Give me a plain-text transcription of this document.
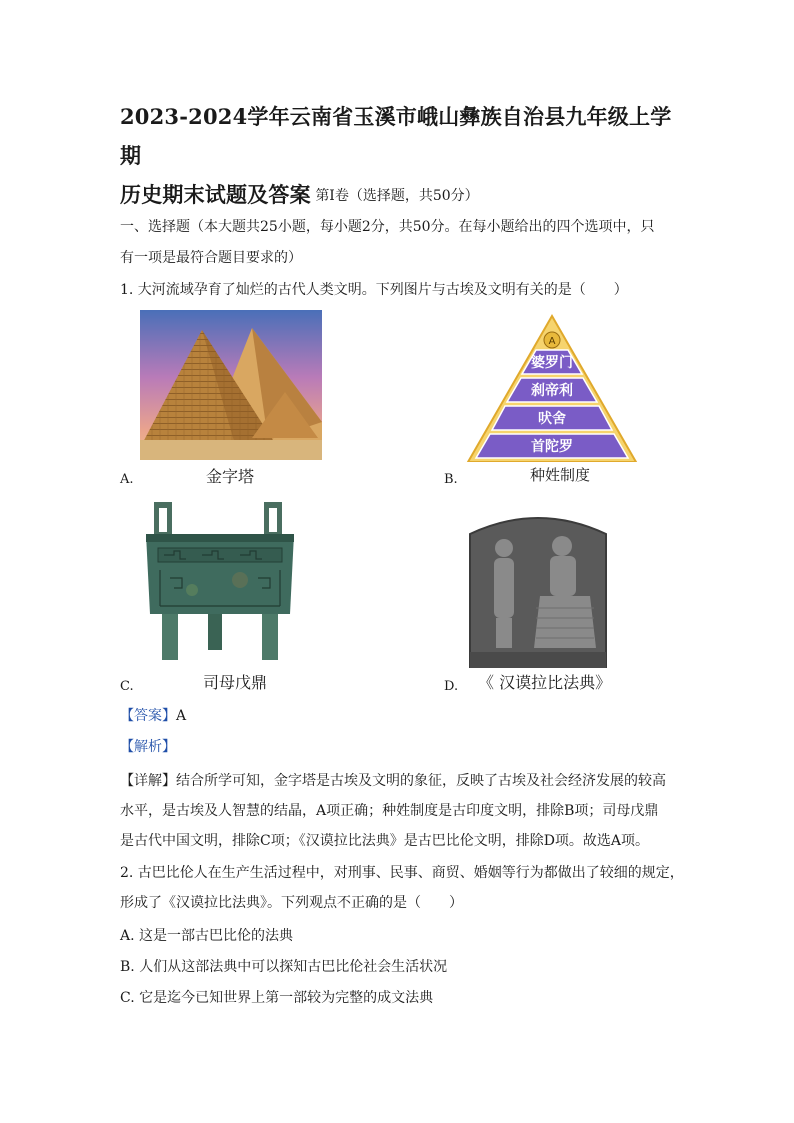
2023-2024学年云南省玉溪市峨山彝族自治县九年级上学期
历史期末试题及答案 第Ⅰ卷（选择题，共50分）
一、选择题（本大题共25小题，每小题2分，共50分。在每小题给出的四个选项中，只
有一项是最符合题目要求的）
1. 大河流域孕育了灿烂的古代人类文明。下列图片与古埃及文明有关的是（　　）
A.	金字塔
A
婆罗门
刹帝利
吠舍
首陀罗
B.	种姓制度
C.	司母戊鼎	D. 《 汉谟拉比法典》
【答案】A
【解析】
【详解】结合所学可知，金字塔是古埃及文明的象征，反映了古埃及社会经济发展的较高
水平，是古埃及人智慧的结晶，A项正确；种姓制度是古印度文明，排除B项；司母戊鼎
是古代中国文明，排除C项；《汉谟拉比法典》是古巴比伦文明，排除D项。故选A项。
2. 古巴比伦人在生产生活过程中，对刑事、民事、商贸、婚姻等行为都做出了较细的规定，
形成了《汉谟拉比法典》。下列观点不正确的是（　　）
A. 这是一部古巴比伦的法典
B. 人们从这部法典中可以探知古巴比伦社会生活状况
C. 它是迄今已知世界上第一部较为完整的成文法典
